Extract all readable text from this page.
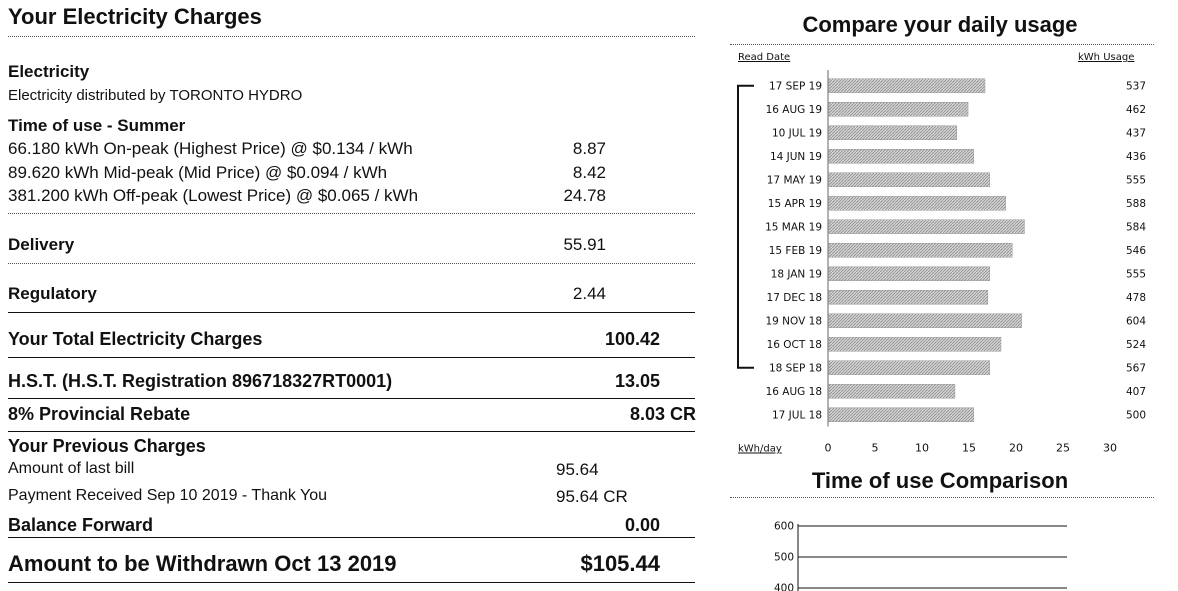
Your Electricity Charges
Electricity
Electricity distributed by TORONTO HYDRO
Time of use - Summer
66.180 kWh On-peak (Highest Price) @ $0.134 / kWh	8.87
89.620 kWh Mid-peak (Mid Price) @ $0.094 / kWh	8.42
381.200 kWh Off-peak (Lowest Price) @ $0.065 / kWh	24.78
Delivery	55.91
Regulatory	2.44
Your Total Electricity Charges	100.42
H.S.T. (H.S.T. Registration 896718327RT0001)	13.05
8% Provincial Rebate	8.03 CR
Your Previous Charges
Amount of last bill	95.64
Payment Received Sep 10 2019 - Thank You	95.64 CR
Balance Forward	0.00
Amount to be Withdrawn Oct 13 2019	$105.44
Compare your daily usage
Read Date	kWh Usage
17 SEP 19	537
16 AUG 19	462
10 JUL 19	437
14 JUN 19	436
17 MAY 19	555
15 APR 19	588
15 MAR 19	584
15 FEB 19	546
18 JAN 19	555
17 DEC 18	478
19 NOV 18	604
16 OCT 18	524
18 SEP 18	567
16 AUG 18	407
17 JUL 18	500
0	5	10	15	20	25	30
kWh/day
Time of use Comparison
600
500
400
